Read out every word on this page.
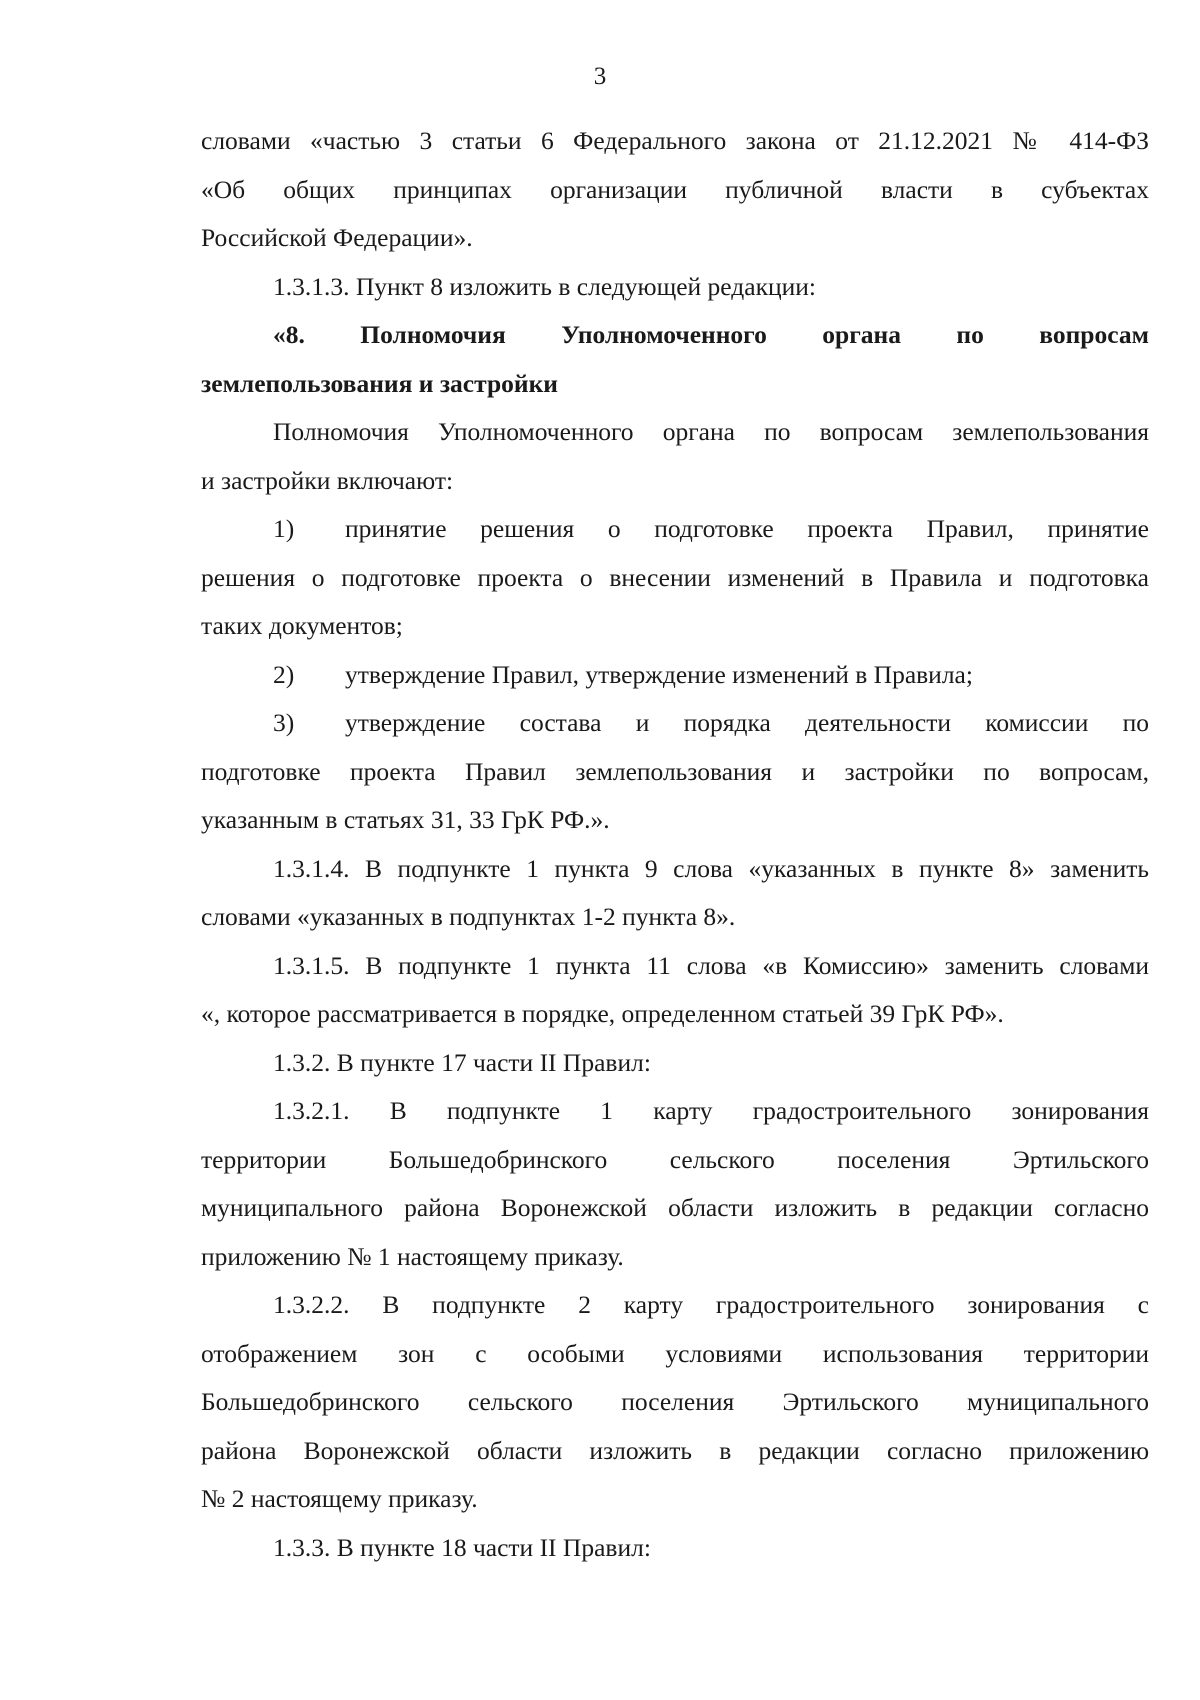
3
словами «частью 3 статьи 6 Федерального закона от 21.12.2021 № 414-ФЗ
«Об общих принципах организации публичной власти в субъектах
Российской Федерации».
1.3.1.3. Пункт 8 изложить в следующей редакции:
«8. Полномочия Уполномоченного органа по вопросам
землепользования и застройки
Полномочия Уполномоченного органа по вопросам землепользования
и застройки включают:
1)	принятие решения о подготовке проекта Правил, принятие
решения о подготовке проекта о внесении изменений в Правила и подготовка
таких документов;
2)	утверждение Правил, утверждение изменений в Правила;
3)	утверждение состава и порядка деятельности комиссии по
подготовке проекта Правил землепользования и застройки по вопросам,
указанным в статьях 31, 33 ГрК РФ.».
1.3.1.4. В подпункте 1 пункта 9 слова «указанных в пункте 8» заменить
словами «указанных в подпунктах 1-2 пункта 8».
1.3.1.5. В подпункте 1 пункта 11 слова «в Комиссию» заменить словами
«, которое рассматривается в порядке, определенном статьей 39 ГрК РФ».
1.3.2. В пункте 17 части II Правил:
1.3.2.1. В подпункте 1 карту градостроительного зонирования
территории Большедобринского сельского поселения Эртильского
муниципального района Воронежской области изложить в редакции согласно
приложению № 1 настоящему приказу.
1.3.2.2. В подпункте 2 карту градостроительного зонирования с
отображением зон с особыми условиями использования территории
Большедобринского сельского поселения Эртильского муниципального
района Воронежской области изложить в редакции согласно приложению
№ 2 настоящему приказу.
1.3.3. В пункте 18 части II Правил:
